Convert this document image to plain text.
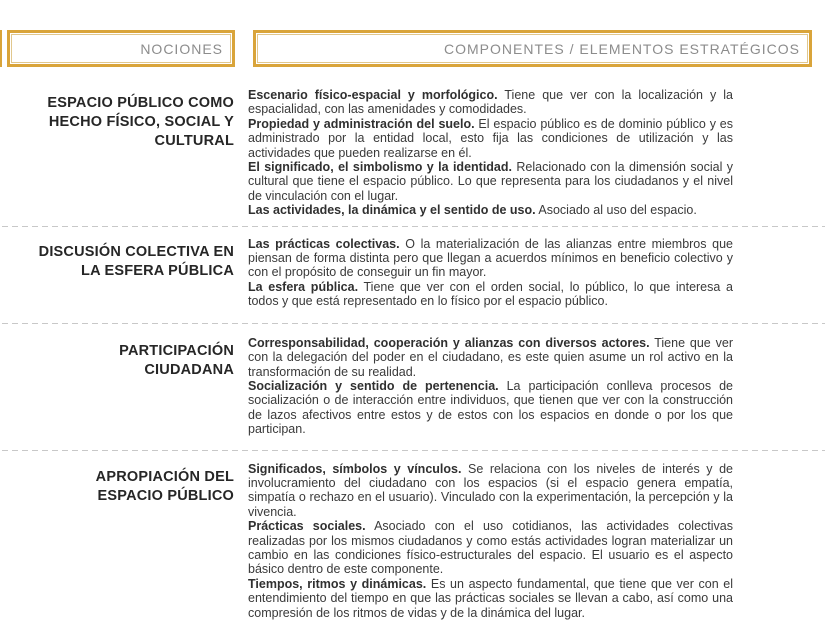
NOCIONES	COMPONENTES / ELEMENTOS ESTRATÉGICOS
ESPACIO PÚBLICO COMO HECHO FÍSICO, SOCIAL Y CULTURAL

Escenario físico-espacial y morfológico. Tiene que ver con la localización y la espacialidad, con las amenidades y comodidades.

Propiedad y administración del suelo. El espacio público es de dominio público y es administrado por la entidad local, esto fija las condiciones de utilización y las actividades que pueden realizarse en él.

El significado, el simbolismo y la identidad. Relacionado con la dimensión social y cultural que tiene el espacio público. Lo que representa para los ciudadanos y el nivel de vinculación con el lugar.

Las actividades, la dinámica y el sentido de uso. Asociado al uso del espacio.

DISCUSIÓN COLECTIVA EN LA ESFERA PÚBLICA

Las prácticas colectivas. O la materialización de las alianzas entre miembros que piensan de forma distinta pero que llegan a acuerdos mínimos en beneficio colectivo y con el propósito de conseguir un fin mayor.

La esfera pública. Tiene que ver con el orden social, lo público, lo que interesa a todos y que está representado en lo físico por el espacio público.

PARTICIPACIÓN CIUDADANA

Corresponsabilidad, cooperación y alianzas con diversos actores. Tiene que ver con la delegación del poder en el ciudadano, es este quien asume un rol activo en la transformación de su realidad.

Socialización y sentido de pertenencia. La participación conlleva procesos de socialización o de interacción entre individuos, que tienen que ver con la construcción de lazos afectivos entre estos y de estos con los espacios en donde o por los que participan.

APROPIACIÓN DEL ESPACIO PÚBLICO

Significados, símbolos y vínculos. Se relaciona con los niveles de interés y de involucramiento del ciudadano con los espacios (si el espacio genera empatía, simpatía o rechazo en el usuario). Vinculado con la experimentación, la percepción y la vivencia.

Prácticas sociales. Asociado con el uso cotidianos, las actividades colectivas realizadas por los mismos ciudadanos y como estás actividades logran materializar un cambio en las condiciones físico-estructurales del espacio. El usuario es el aspecto básico dentro de este componente.

Tiempos, ritmos y dinámicas. Es un aspecto fundamental, que tiene que ver con el entendimiento del tiempo en que las prácticas sociales se llevan a cabo, así como una compresión de los ritmos de vidas y de la dinámica del lugar.
